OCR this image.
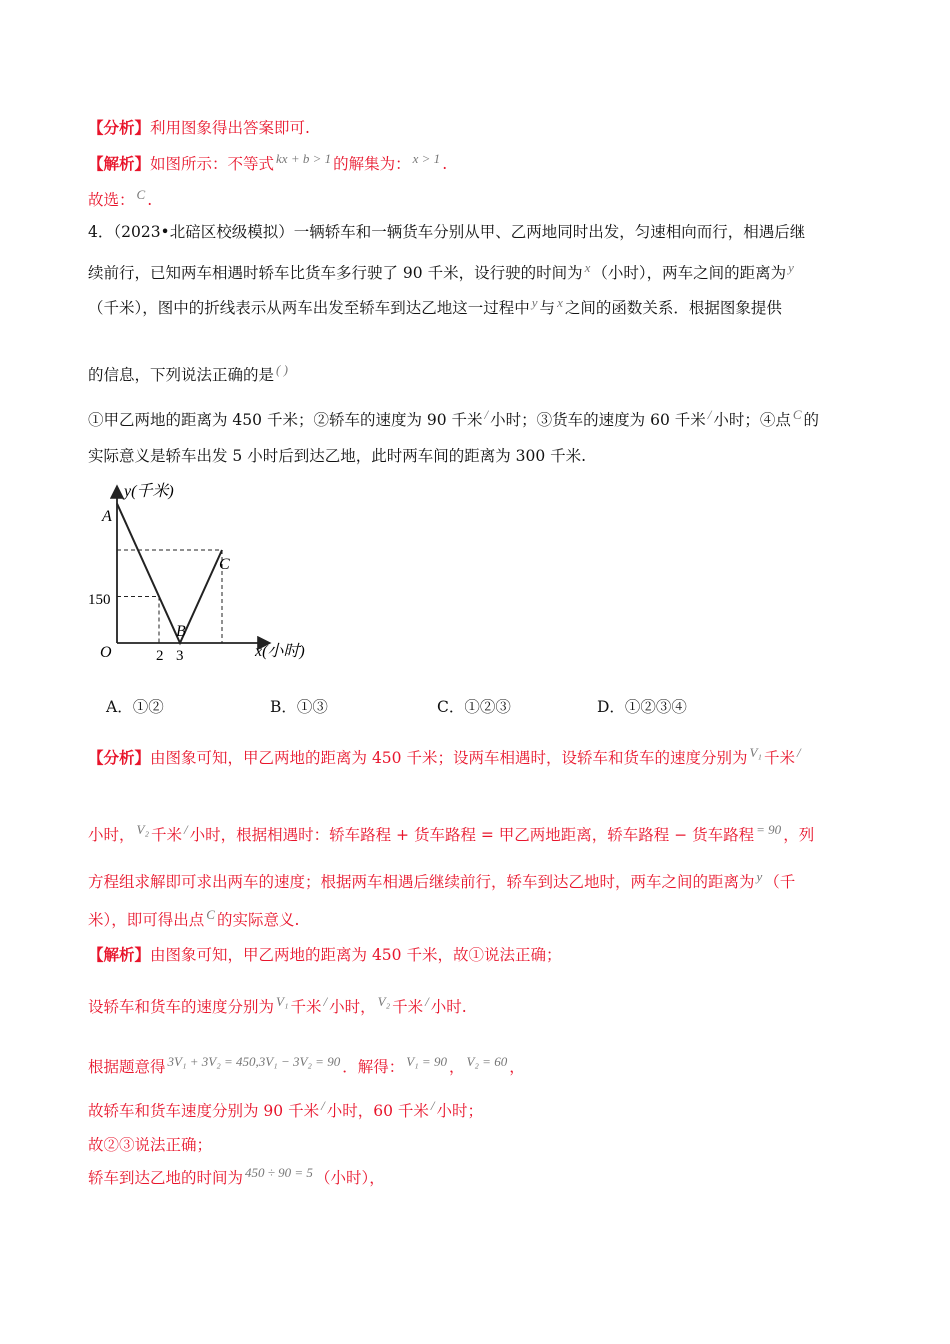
【分析】利用图象得出答案即可.
【解析】如图所示：不等式 $^{kx + b > 1}$ 的解集为： $^{x > 1}$ .
故选： $^C$ .
4．（2023•北碚区校级模拟）一辆轿车和一辆货车分别从甲、乙两地同时出发，匀速相向而行，相遇后继
续前行，已知两车相遇时轿车比货车多行驶了 90 千米，设行驶的时间为 $^x$ （小时），两车之间的距离为 $^y$
（千米），图中的折线表示从两车出发至轿车到达乙地这一过程中 $^y$ 与 $^x$ 之间的函数关系．根据图象提供
的信息，下列说法正确的是 ( )
①甲乙两地的距离为 450 千米；②轿车的速度为 90 千米 / 小时；③货车的速度为 60 千米 / 小时；④点 $^C$ 的
实际意义是轿车出发 5 小时后到达乙地，此时两车间的距离为 300 千米.
y(千米)
x(小时)
O
A
B
C
150
2 3
A．①②	B．①③	C．①②③	D．①②③④
【分析】由图象可知，甲乙两地的距离为 450 千米；设两车相遇时，设轿车和货车的速度分别为 $^{V_1}$ 千米 /
小时， $^{V_2}$ 千米 / 小时，根据相遇时：轿车路程 + 货车路程 = 甲乙两地距离，轿车路程 − 货车路程 $^{= 90}$ ，列
方程组求解即可求出两车的速度；根据两车相遇后继续前行，轿车到达乙地时，两车之间的距离为 $^y$ （千
米），即可得出点 $^C$ 的实际意义.
【解析】由图象可知，甲乙两地的距离为 450 千米，故①说法正确；
设轿车和货车的速度分别为 $^{V_1}$ 千米 / 小时， $^{V_2}$ 千米 / 小时.
根据题意得 $^{3V_1 + 3V_2 = 450,3V_1 - 3V_2 = 90}$ ．解得： $^{V_1 = 90}$ ， $^{V_2 = 60}$ ，
故轿车和货车速度分别为 90 千米 / 小时，60 千米 / 小时；
故②③说法正确；
轿车到达乙地的时间为 $^{450 \div 90 = 5}$ （小时），
